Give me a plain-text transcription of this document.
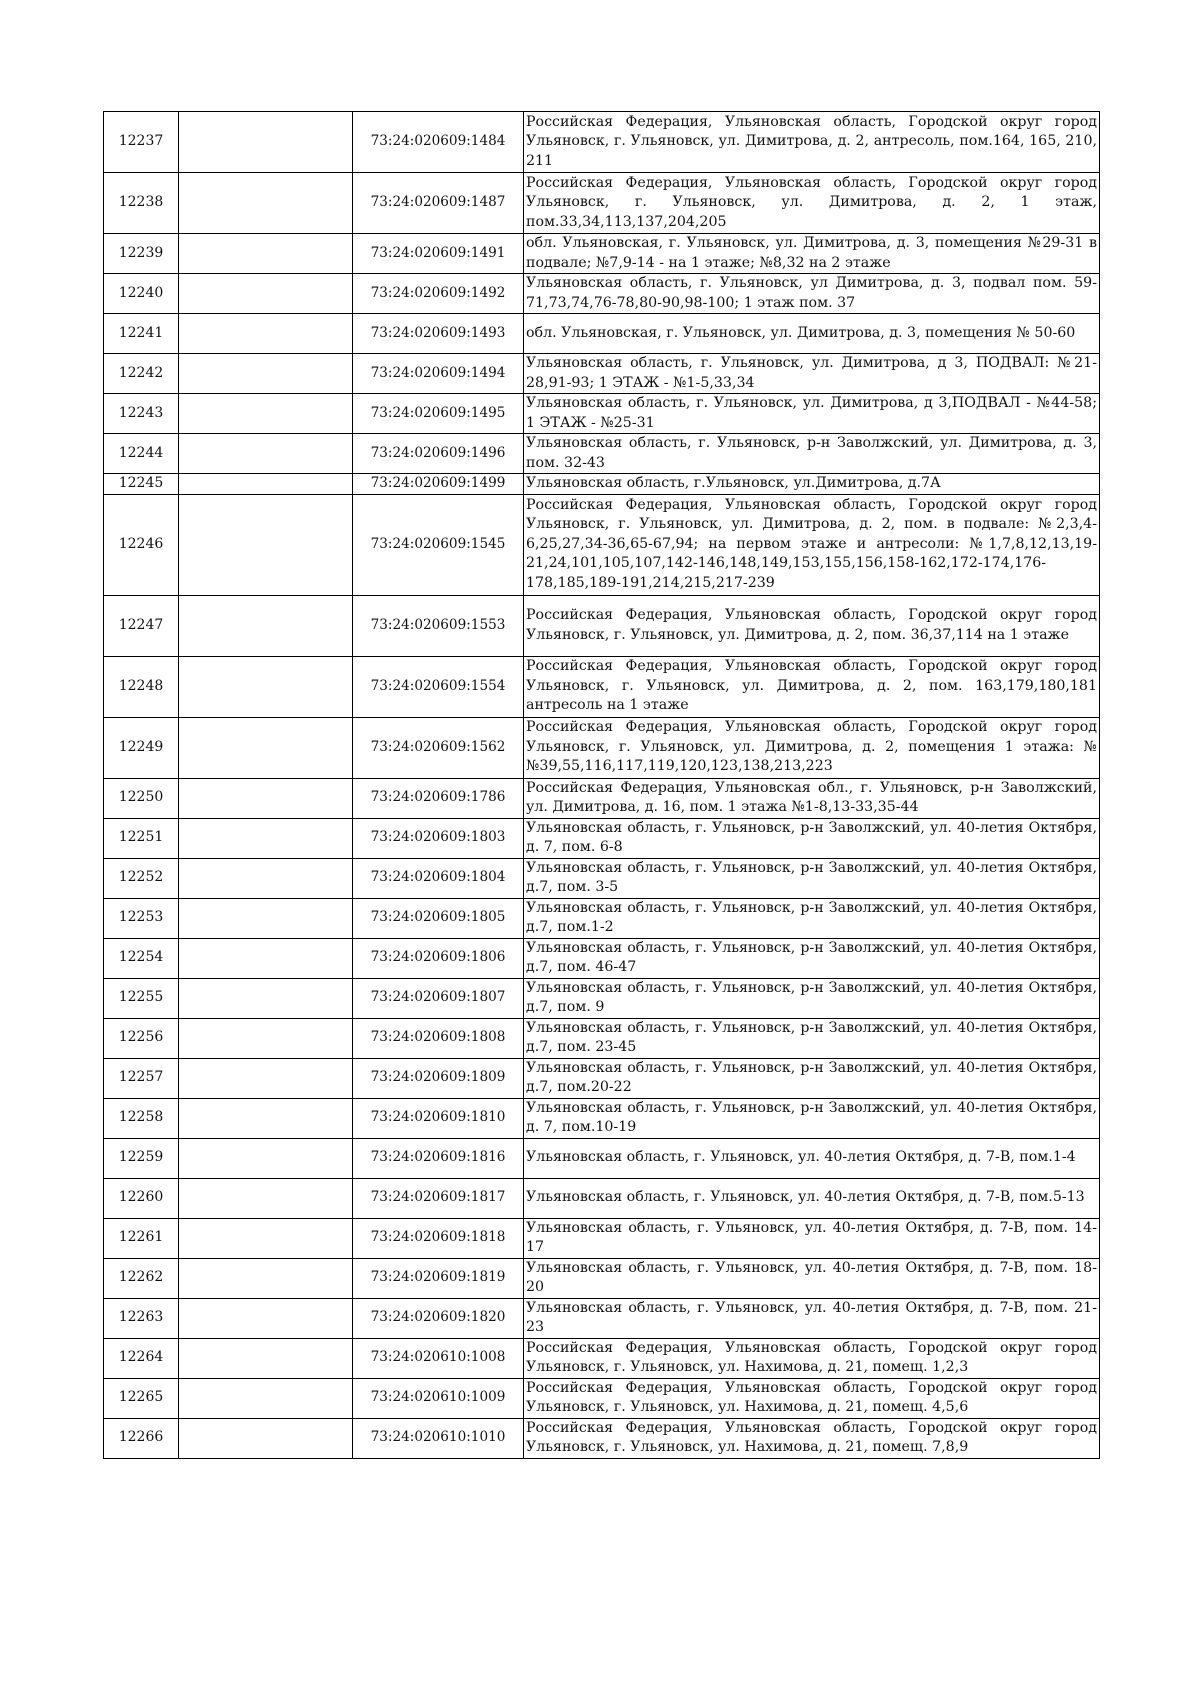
12237		73:24:020609:1484	Российская Федерация, Ульяновская область, Городской округ город Ульяновск, г. Ульяновск, ул. Димитрова, д. 2, антресоль, пом.164, 165, 210, 211
12238		73:24:020609:1487	Российская Федерация, Ульяновская область, Городской округ город Ульяновск, г. Ульяновск, ул. Димитрова, д. 2, 1 этаж, пом.33,34,113,137,204,205
12239		73:24:020609:1491	обл. Ульяновская, г. Ульяновск, ул. Димитрова, д. 3, помещения №29-31 в подвале; №7,9-14 - на 1 этаже; №8,32 на 2 этаже
12240		73:24:020609:1492	Ульяновская область, г. Ульяновск, ул Димитрова, д. 3, подвал пом. 59-71,73,74,76-78,80-90,98-100; 1 этаж пом. 37
12241		73:24:020609:1493	обл. Ульяновская, г. Ульяновск, ул. Димитрова, д. 3, помещения № 50-60
12242		73:24:020609:1494	Ульяновская область, г. Ульяновск, ул. Димитрова, д 3, ПОДВАЛ: №21-28,91-93; 1 ЭТАЖ - №1-5,33,34
12243		73:24:020609:1495	Ульяновская область, г. Ульяновск, ул. Димитрова, д 3,ПОДВАЛ - №44-58; 1 ЭТАЖ - №25-31
12244		73:24:020609:1496	Ульяновская область, г. Ульяновск, р-н Заволжский, ул. Димитрова, д. 3, пом. 32-43
12245		73:24:020609:1499	Ульяновская область, г.Ульяновск, ул.Димитрова, д.7А
12246		73:24:020609:1545	Российская Федерация, Ульяновская область, Городской округ город Ульяновск, г. Ульяновск, ул. Димитрова, д. 2, пом. в подвале: №2,3,4-6,25,27,34-36,65-67,94; на первом этаже и антресоли: №1,7,8,12,13,19-21,24,101,105,107,142-146,148,149,153,155,156,158-162,172-174,176-178,185,189-191,214,215,217-239
12247		73:24:020609:1553	Российская Федерация, Ульяновская область, Городской округ город Ульяновск, г. Ульяновск, ул. Димитрова, д. 2, пом. 36,37,114 на 1 этаже
12248		73:24:020609:1554	Российская Федерация, Ульяновская область, Городской округ город Ульяновск, г. Ульяновск, ул. Димитрова, д. 2, пом. 163,179,180,181 антресоль на 1 этаже
12249		73:24:020609:1562	Российская Федерация, Ульяновская область, Городской округ город Ульяновск, г. Ульяновск, ул. Димитрова, д. 2, помещения 1 этажа: №№39,55,116,117,119,120,123,138,213,223
12250		73:24:020609:1786	Российская Федерация, Ульяновская обл., г. Ульяновск, р-н Заволжский, ул. Димитрова, д. 16, пом. 1 этажа №1-8,13-33,35-44
12251		73:24:020609:1803	Ульяновская область, г. Ульяновск, р-н Заволжский, ул. 40-летия Октября, д. 7, пом. 6-8
12252		73:24:020609:1804	Ульяновская область, г. Ульяновск, р-н Заволжский, ул. 40-летия Октября, д.7, пом. 3-5
12253		73:24:020609:1805	Ульяновская область, г. Ульяновск, р-н Заволжский, ул. 40-летия Октября, д.7, пом.1-2
12254		73:24:020609:1806	Ульяновская область, г. Ульяновск, р-н Заволжский, ул. 40-летия Октября, д.7, пом. 46-47
12255		73:24:020609:1807	Ульяновская область, г. Ульяновск, р-н Заволжский, ул. 40-летия Октября, д.7, пом. 9
12256		73:24:020609:1808	Ульяновская область, г. Ульяновск, р-н Заволжский, ул. 40-летия Октября, д.7, пом. 23-45
12257		73:24:020609:1809	Ульяновская область, г. Ульяновск, р-н Заволжский, ул. 40-летия Октября, д.7, пом.20-22
12258		73:24:020609:1810	Ульяновская область, г. Ульяновск, р-н Заволжский, ул. 40-летия Октября, д. 7, пом.10-19
12259		73:24:020609:1816	Ульяновская область, г. Ульяновск, ул. 40-летия Октября, д. 7-В, пом.1-4
12260		73:24:020609:1817	Ульяновская область, г. Ульяновск, ул. 40-летия Октября, д. 7-В, пом.5-13
12261		73:24:020609:1818	Ульяновская область, г. Ульяновск, ул. 40-летия Октября, д. 7-В, пом. 14-17
12262		73:24:020609:1819	Ульяновская область, г. Ульяновск, ул. 40-летия Октября, д. 7-В, пом. 18-20
12263		73:24:020609:1820	Ульяновская область, г. Ульяновск, ул. 40-летия Октября, д. 7-В, пом. 21-23
12264		73:24:020610:1008	Российская Федерация, Ульяновская область, Городской округ город Ульяновск, г. Ульяновск, ул. Нахимова, д. 21, помещ. 1,2,3
12265		73:24:020610:1009	Российская Федерация, Ульяновская область, Городской округ город Ульяновск, г. Ульяновск, ул. Нахимова, д. 21, помещ. 4,5,6
12266		73:24:020610:1010	Российская Федерация, Ульяновская область, Городской округ город Ульяновск, г. Ульяновск, ул. Нахимова, д. 21, помещ. 7,8,9
